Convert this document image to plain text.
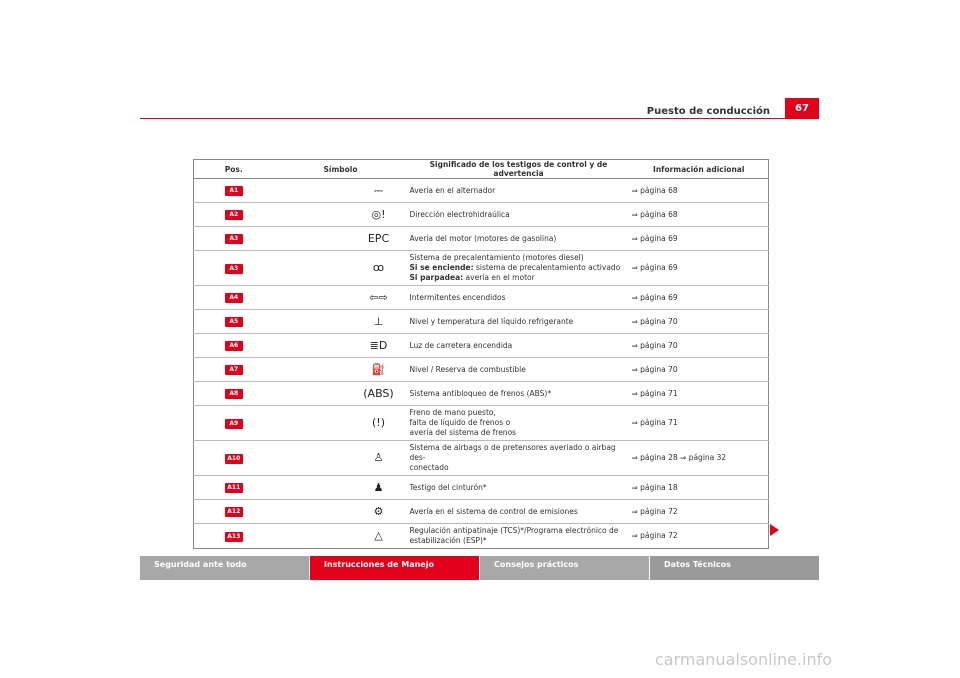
Puesto de conducción	67
Pos.	Símbolo	Significado de los testigos de control y de advertencia	Información adicional
A1	⎓	Avería en el alternador	⇒ página 68
A2	◎!	Dirección electrohidraúlica	⇒ página 68
A3	EPC	Avería del motor (motores de gasolina)	⇒ página 69
A3	ꝏ	Sistema de precalentamiento (motores diesel)
Si se enciende: sistema de precalentamiento activado
Si parpadea: avería en el motor	⇒ página 69
A4	⇦⇨	Intermitentes encendidos	⇒ página 69
A5	⊥	Nivel y temperatura del líquido refrigerante	⇒ página 70
A6	≣D	Luz de carretera encendida	⇒ página 70
A7	⛽	Nivel / Reserva de combustible	⇒ página 70
A8	(ABS)	Sistema antibloqueo de frenos (ABS)*	⇒ página 71
A9	(!)	Freno de mano puesto,
falta de líquido de frenos o
avería del sistema de frenos	⇒ página 71
A10	♙	Sistema de airbags o de pretensores averiado o airbag des-
conectado	⇒ página 28 ⇒ página 32
A11	♟	Testigo del cinturón*	⇒ página 18
A12	⚙	Avería en el sistema de control de emisiones	⇒ página 72
A13	△	Regulación antipatinaje (TCS)*/Programa electrónico de
estabilización (ESP)*	⇒ página 72
Seguridad ante todo	Instrucciones de Manejo	Consejos prácticos	Datos Técnicos
carmanualsonline.info
